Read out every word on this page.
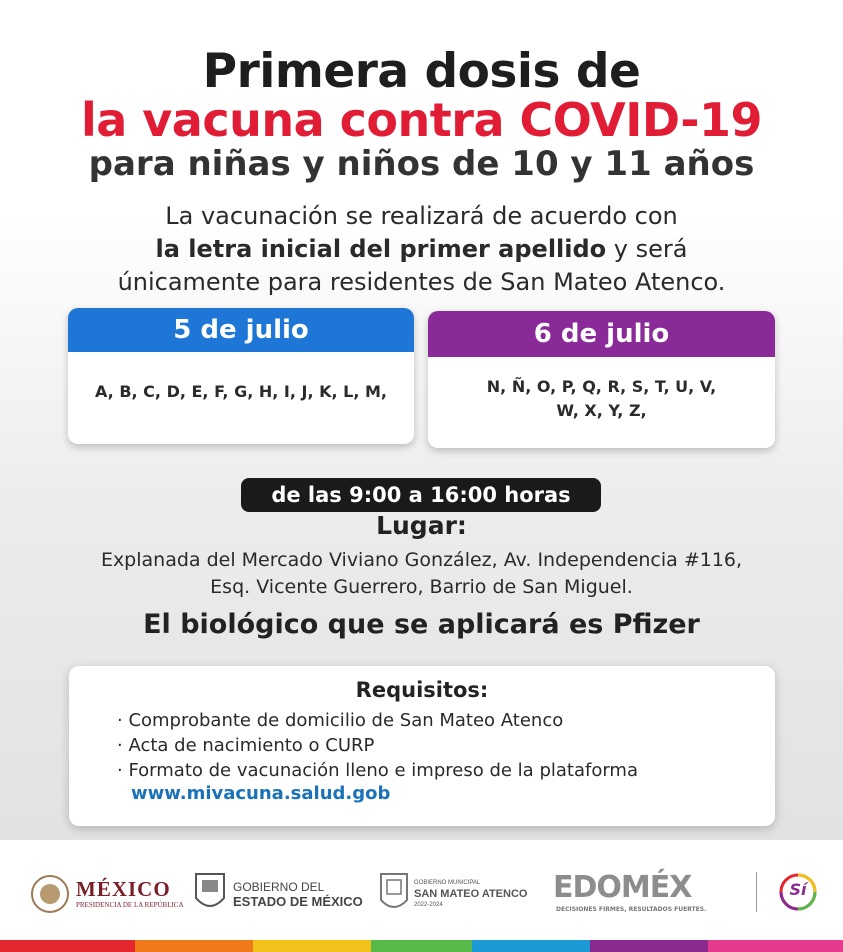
Primera dosis de
la vacuna contra COVID-19
para niñas y niños de 10 y 11 años
La vacunación se realizará de acuerdo con
la letra inicial del primer apellido y será
únicamente para residentes de San Mateo Atenco.
5 de julio
A, B, C, D, E, F, G, H, I, J, K, L, M,
6 de julio
N, Ñ, O, P, Q, R, S, T, U, V,
W, X, Y, Z,
de las 9:00 a 16:00 horas
Lugar:
Explanada del Mercado Viviano González, Av. Independencia #116,
Esq. Vicente Guerrero, Barrio de San Miguel.
El biológico que se aplicará es Pfizer
Requisitos:
· Comprobante de domicilio de San Mateo Atenco
· Acta de nacimiento o CURP
· Formato de vacunación lleno e impreso de la plataforma
www.mivacuna.salud.gob
MÉXICO
PRESIDENCIA DE LA REPÚBLICA
GOBIERNO DEL
ESTADO DE MÉXICO
GOBIERNO MUNICIPAL
SAN MATEO ATENCO
2022-2024	EDOMÉX
DECISIONES FIRMES, RESULTADOS FUERTES.
Sí
